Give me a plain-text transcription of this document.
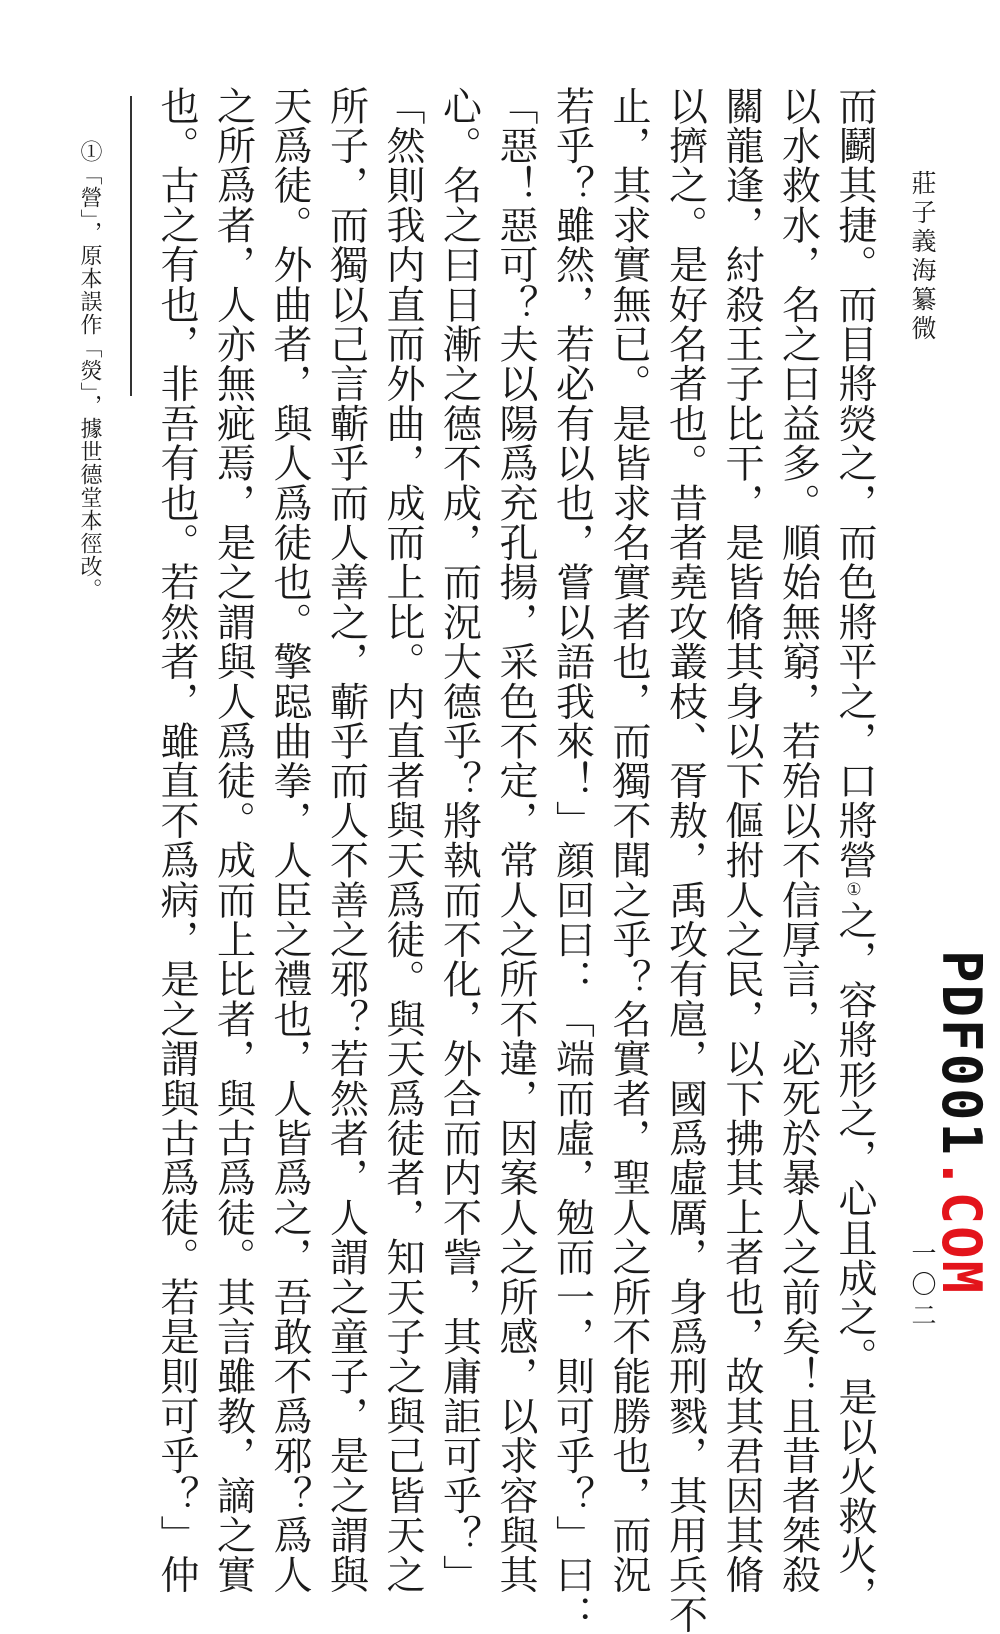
莊子義海纂微
一〇二
PDF001.COM
而鬬其捷。而目將熒之，而色將平之，口將營①之，容將形之，心且成之。是以火救火，
以水救水，名之曰益多。順始無窮，若殆以不信厚言，必死於暴人之前矣！且昔者桀殺
關龍逢，紂殺王子比干，是皆脩其身以下傴拊人之民，以下拂其上者也，故其君因其脩
以擠之。是好名者也。昔者堯攻叢枝、胥敖，禹攻有扈，國爲虛厲，身爲刑戮，其用兵不
止，其求實無已。是皆求名實者也，而獨不聞之乎？名實者，聖人之所不能勝也，而況
若乎？雖然，若必有以也，嘗以語我來！」顔回曰：「端而虛，勉而一，則可乎？」曰：
「惡！惡可？夫以陽爲充孔揚，采色不定，常人之所不違，因案人之所感，以求容與其
心。名之曰日漸之德不成，而況大德乎？將執而不化，外合而内不訾，其庸詎可乎？」
「然則我内直而外曲，成而上比。内直者與天爲徒。與天爲徒者，知天子之與己皆天之
所子，而獨以己言蘄乎而人善之，蘄乎而人不善之邪？若然者，人謂之童子，是之謂與
天爲徒。外曲者，與人爲徒也。擎跽曲拳，人臣之禮也，人皆爲之，吾敢不爲邪？爲人
之所爲者，人亦無疵焉，是之謂與人爲徒。成而上比者，與古爲徒。其言雖教，謫之實
也。古之有也，非吾有也。若然者，雖直不爲病，是之謂與古爲徒。若是則可乎？」仲
①「營」，原本誤作「熒」，據世德堂本徑改。
